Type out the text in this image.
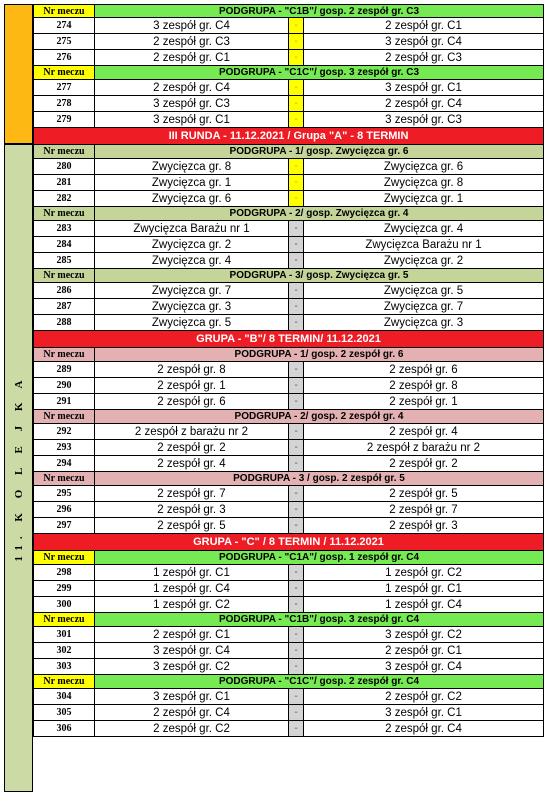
11. K O L E J K A
Nr meczu	PODGRUPA - "C1B"/ gosp. 2 zespół gr. C3
274	3 zespół gr. C4	-	2 zespół gr. C1
275	2 zespół gr. C3	-	3 zespół gr. C4
276	2 zespół gr. C1	-	2 zespół gr. C3
Nr meczu	PODGRUPA - "C1C"/ gosp. 3 zespół gr. C3
277	2 zespół gr. C4	-	3 zespół gr. C1
278	3 zespół gr. C3	-	2 zespół gr. C4
279	3 zespół gr. C1	-	3 zespół gr. C3
III RUNDA - 11.12.2021 / Grupa "A" - 8 TERMIN
Nr meczu	PODGRUPA - 1/ gosp. Zwycięzca gr. 6
280	Zwycięzca gr. 8	-	Zwycięzca gr. 6
281	Zwycięzca gr. 1	-	Zwycięzca gr. 8
282	Zwycięzca gr. 6	-	Zwycięzca gr. 1
Nr meczu	PODGRUPA - 2/ gosp. Zwycięzca gr. 4
283	Zwycięzca Barażu nr 1	-	Zwycięzca gr. 4
284	Zwycięzca gr. 2	-	Zwycięzca Barażu nr 1
285	Zwycięzca gr. 4	-	Zwycięzca gr. 2
Nr meczu	PODGRUPA - 3/ gosp. Zwycięzca gr. 5
286	Zwycięzca gr. 7	-	Zwycięzca gr. 5
287	Zwycięzca gr. 3	-	Zwycięzca gr. 7
288	Zwycięzca gr. 5	-	Zwycięzca gr. 3
GRUPA - "B"/ 8 TERMIN/ 11.12.2021
Nr meczu	PODGRUPA - 1/ gosp. 2 zespół gr. 6
289	2 zespół gr. 8	-	2 zespół gr. 6
290	2 zespół gr. 1	-	2 zespół gr. 8
291	2 zespół gr. 6	-	2 zespół gr. 1
Nr meczu	PODGRUPA - 2/ gosp. 2 zespół gr. 4
292	2 zespół z barażu nr 2	-	2 zespół gr. 4
293	2 zespół gr. 2	-	2 zespół z barażu nr 2
294	2 zespół gr. 4	-	2 zespół gr. 2
Nr meczu	PODGRUPA - 3 / gosp. 2 zespół gr. 5
295	2 zespół gr. 7	-	2 zespół gr. 5
296	2 zespół gr. 3	-	2 zespół gr. 7
297	2 zespół gr. 5	-	2 zespół gr. 3
GRUPA - "C" / 8 TERMIN / 11.12.2021
Nr meczu	PODGRUPA - "C1A"/ gosp. 1 zespół gr. C4
298	1 zespół gr. C1	-	1 zespół gr. C2
299	1 zespół gr. C4	-	1 zespół gr. C1
300	1 zespół gr. C2	-	1 zespół gr. C4
Nr meczu	PODGRUPA - "C1B"/ gosp. 3 zespół gr. C4
301	2 zespół gr. C1	-	3 zespół gr. C2
302	3 zespół gr. C4	-	2 zespół gr. C1
303	3 zespół gr. C2	-	3 zespół gr. C4
Nr meczu	PODGRUPA - "C1C"/ gosp. 2 zespół gr. C4
304	3 zespół gr. C1	-	2 zespół gr. C2
305	2 zespół gr. C4	-	3 zespół gr. C1
306	2 zespół gr. C2	-	2 zespół gr. C4
